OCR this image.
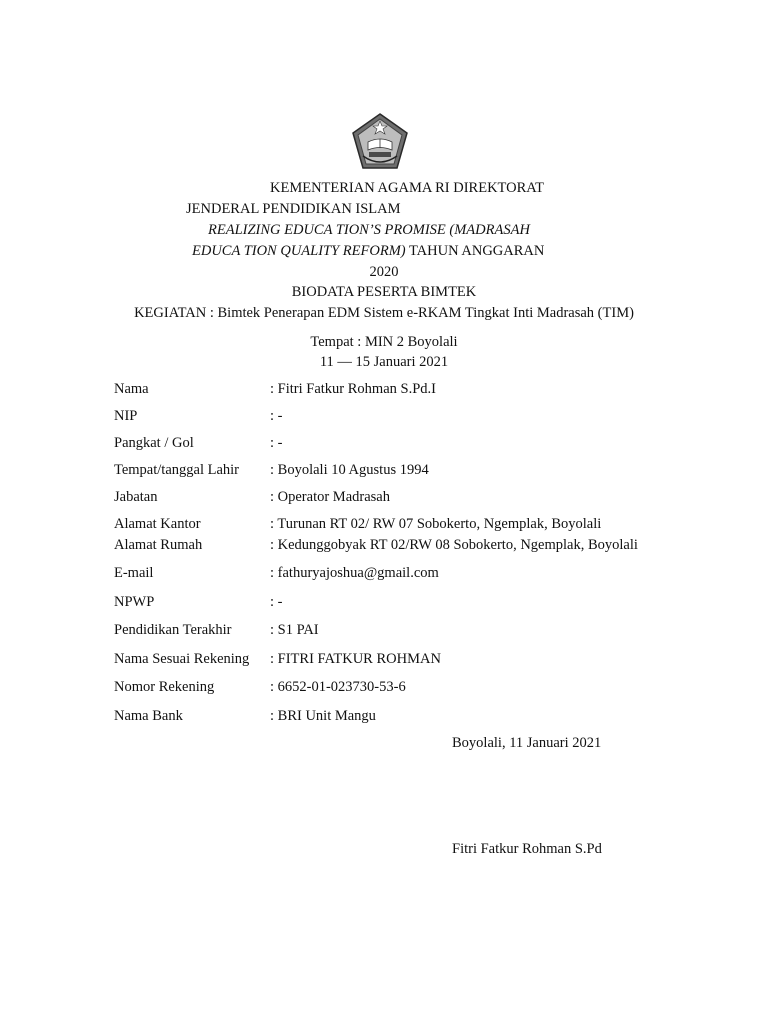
KEMENTERIAN AGAMA RI DIREKTORAT
JENDERAL PENDIDIKAN ISLAM
REALIZING EDUCA TION’S PROMISE (MADRASAH
EDUCA TION QUALITY REFORM) TAHUN ANGGARAN
2020
BIODATA PESERTA BIMTEK
KEGIATAN : Bimtek Penerapan EDM Sistem e-RKAM Tingkat Inti Madrasah (TIM)
Tempat : MIN 2 Boyolali
11 — 15 Januari 2021
Nama	: Fitri Fatkur Rohman S.Pd.I
NIP	: -
Pangkat / Gol	: -
Tempat/tanggal Lahir : Boyolali 10 Agustus 1994
Jabatan	: Operator Madrasah
Alamat Kantor	: Turunan RT 02/ RW 07 Sobokerto, Ngemplak, Boyolali
Alamat Rumah	: Kedunggobyak RT 02/RW 08 Sobokerto, Ngemplak, Boyolali
E-mail	: fathuryajoshua@gmail.com
NPWP	: -
Pendidikan Terakhir	: S1 PAI
Nama Sesuai Rekening : FITRI FATKUR ROHMAN
Nomor Rekening	: 6652-01-023730-53-6
Nama Bank	: BRI Unit Mangu
Boyolali, 11 Januari 2021
Fitri Fatkur Rohman S.Pd
